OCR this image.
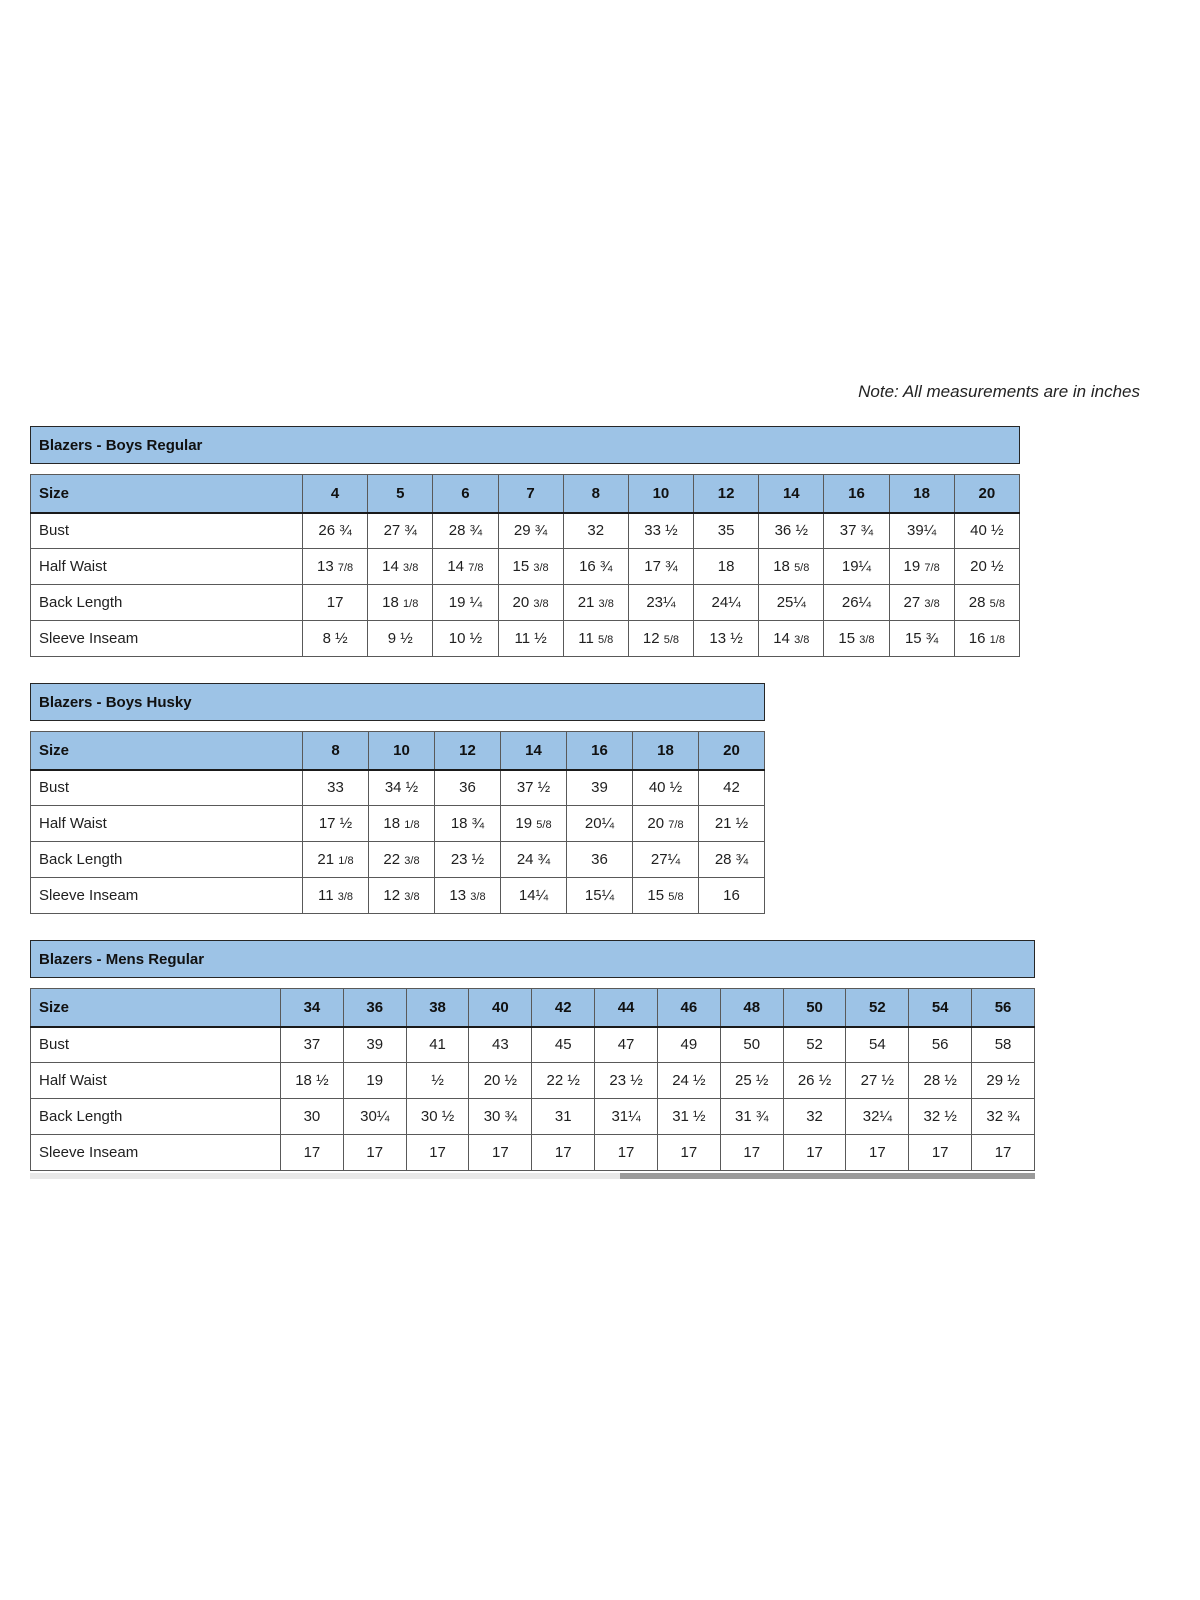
Note: All measurements are in inches
Blazers - Boys Regular
Size	4	5	6	7	8	10	12	14	16	18	20
Bust	26 ¾	27 ¾	28 ¾	29 ¾	32	33 ½	35	36 ½	37 ¾	39¼	40 ½
Half Waist	13 7/8	14 3/8	14 7/8	15 3/8	16 ¾	17 ¾	18	18 5/8	19¼	19 7/8	20 ½
Back Length	17	18 1/8	19 ¼	20 3/8	21 3/8	23¼	24¼	25¼	26¼	27 3/8	28 5/8
Sleeve Inseam	8 ½	9 ½	10 ½	11 ½	11 5/8	12 5/8	13 ½	14 3/8	15 3/8	15 ¾	16 1/8
Blazers - Boys Husky
Size	8	10	12	14	16	18	20
Bust	33	34 ½	36	37 ½	39	40 ½	42
Half Waist	17 ½	18 1/8	18 ¾	19 5/8	20¼	20 7/8	21 ½
Back Length	21 1/8	22 3/8	23 ½	24 ¾	36	27¼	28 ¾
Sleeve Inseam	11 3/8	12 3/8	13 3/8	14¼	15¼	15 5/8	16
Blazers - Mens Regular
Size	34	36	38	40	42	44	46	48	50	52	54	56
Bust	37	39	41	43	45	47	49	50	52	54	56	58
Half Waist	18 ½	19	½	20 ½	22 ½	23 ½	24 ½	25 ½	26 ½	27 ½	28 ½	29 ½
Back Length	30	30¼	30 ½	30 ¾	31	31¼	31 ½	31 ¾	32	32¼	32 ½	32 ¾
Sleeve Inseam	17	17	17	17	17	17	17	17	17	17	17	17
